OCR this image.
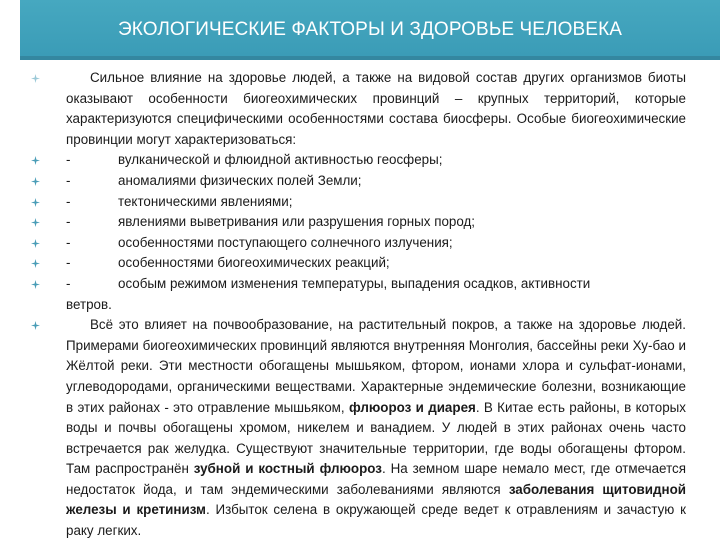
ЭКОЛОГИЧЕСКИЕ ФАКТОРЫ И ЗДОРОВЬЕ ЧЕЛОВЕКА

Сильное влияние на здоровье людей, а также на видовой состав других организмов биоты оказывают особенности биогеохимических провинций – крупных территорий, которые характеризуются специфическими особенностями состава биосферы. Особые биогеохимические провинции могут характеризоваться:

-	вулканической и флюидной активностью геосферы;

-	аномалиями физических полей Земли;

-	тектоническими явлениями;

-	явлениями выветривания или разрушения горных пород;

-	особенностями поступающего солнечного излучения;

-	особенностями биогеохимических реакций;

-	особым режимом изменения температуры, выпадения осадков, активности
ветров.

Всё это влияет на почвообразование, на растительный покров, а также на здоровье людей. Примерами биогеохимических провинций являются внутренняя Монголия, бассейны реки Ху-бао и Жёлтой реки. Эти местности обогащены мышьяком, фтором, ионами хлора и сульфат-ионами, углеводородами, органическими веществами. Характерные эндемические болезни, возникающие в этих районах - это отравление мышьяком, флюороз и диарея. В Китае есть районы, в которых воды и почвы обогащены хромом, никелем и ванадием. У людей в этих районах очень часто встречается рак желудка. Существуют значительные территории, где воды обогащены фтором. Там распространён зубной и костный флюороз. На земном шаре немало мест, где отмечается недостаток йода, и там эндемическими заболеваниями являются заболевания щитовидной железы и кретинизм. Избыток селена в окружающей среде ведет к отравлениям и зачастую к раку легких.
